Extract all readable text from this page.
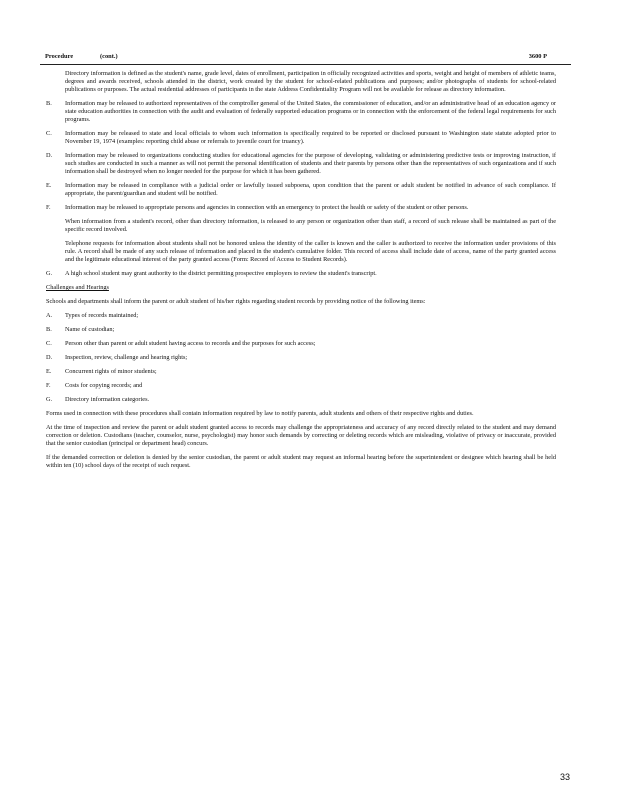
Procedure	(cont.)	3600 P

Directory information is defined as the student's name, grade level, dates of enrollment, participation in officially recognized activities and sports, weight and height of members of athletic teams, degrees and awards received, schools attended in the district, work created by the student for school-related publications and purposes; and/or photographs of students for school-related publications or purposes. The actual residential addresses of participants in the state Address Confidentiality Program will not be available for release as directory information.

B. Information may be released to authorized representatives of the comptroller general of the United States, the commissioner of education, and/or an administrative head of an education agency or state education authorities in connection with the audit and evaluation of federally supported education programs or in connection with the enforcement of the federal legal requirements for such programs.
C. Information may be released to state and local officials to whom such information is specifically required to be reported or disclosed pursuant to Washington state statute adopted prior to November 19, 1974 (examples: reporting child abuse or referrals to juvenile court for truancy).
D. Information may be released to organizations conducting studies for educational agencies for the purpose of developing, validating or administering predictive tests or improving instruction, if such studies are conducted in such a manner as will not permit the personal identification of students and their parents by persons other than the representatives of such organizations and if such information shall be destroyed when no longer needed for the purpose for which it has been gathered.
E. Information may be released in compliance with a judicial order or lawfully issued subpoena, upon condition that the parent or adult student be notified in advance of such compliance. If appropriate, the parent/guardian and student will be notified.
F. Information may be released to appropriate persons and agencies in connection with an emergency to protect the health or safety of the student or other persons.

When information from a student's record, other than directory information, is released to any person or organization other than staff, a record of such release shall be maintained as part of the specific record involved.

Telephone requests for information about students shall not be honored unless the identity of the caller is known and the caller is authorized to receive the information under provisions of this rule. A record shall be made of any such release of information and placed in the student's cumulative folder. This record of access shall include date of access, name of the party granted access and the legitimate educational interest of the party granted access (Form: Record of Access to Student Records).

G. A high school student may grant authority to the district permitting prospective employers to review the student's transcript.

Challenges and Hearings

Schools and departments shall inform the parent or adult student of his/her rights regarding student records by providing notice of the following items:

A. Types of records maintained;
B. Name of custodian;
C. Person other than parent or adult student having access to records and the purposes for such access;
D. Inspection, review, challenge and hearing rights;
E. Concurrent rights of minor students;
F. Costs for copying records; and
G. Directory information categories.

Forms used in connection with these procedures shall contain information required by law to notify parents, adult students and others of their respective rights and duties.

At the time of inspection and review the parent or adult student granted access to records may challenge the appropriateness and accuracy of any record directly related to the student and may demand correction or deletion. Custodians (teacher, counselor, nurse, psychologist) may honor such demands by correcting or deleting records which are misleading, violative of privacy or inaccurate, provided that the senior custodian (principal or department head) concurs.

If the demanded correction or deletion is denied by the senior custodian, the parent or adult student may request an informal hearing before the superintendent or designee which hearing shall be held within ten (10) school days of the receipt of such request.

33
